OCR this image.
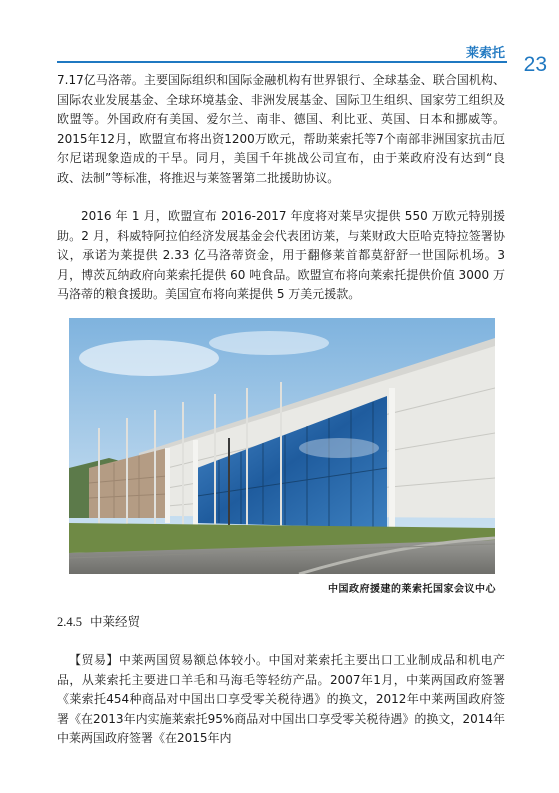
莱索托 23

7.17亿马洛蒂。主要国际组织和国际金融机构有世界银行、全球基金、联合国机构、国际农业发展基金、全球环境基金、非洲发展基金、国际卫生组织、国家劳工组织及欧盟等。外国政府有美国、爱尔兰、南非、德国、利比亚、英国、日本和挪威等。2015年12月，欧盟宣布将出资1200万欧元，帮助莱索托等7个南部非洲国家抗击厄尔尼诺现象造成的干旱。同月，美国千年挑战公司宣布，由于莱政府没有达到“良政、法制”等标准，将推迟与莱签署第二批援助协议。

2016 年 1 月，欧盟宣布 2016-2017 年度将对莱旱灾提供 550 万欧元特别援助。2 月，科威特阿拉伯经济发展基金会代表团访莱，与莱财政大臣哈克特拉签署协议，承诺为莱提供 2.33 亿马洛蒂资金，用于翻修莱首都莫舒舒一世国际机场。3 月，博茨瓦纳政府向莱索托提供 60 吨食品。欧盟宣布将向莱索托提供价值 3000 万马洛蒂的粮食援助。美国宣布将向莱提供 5 万美元援款。

中国政府援建的莱索托国家会议中心
2.4.5 中莱经贸

【贸易】中莱两国贸易额总体较小。中国对莱索托主要出口工业制成品和机电产品，从莱索托主要进口羊毛和马海毛等轻纺产品。2007年1月，中莱两国政府签署《莱索托454种商品对中国出口享受零关税待遇》的换文，2012年中莱两国政府签署《在2013年内实施莱索托95%商品对中国出口享受零关税待遇》的换文，2014年中莱两国政府签署《在2015年内
